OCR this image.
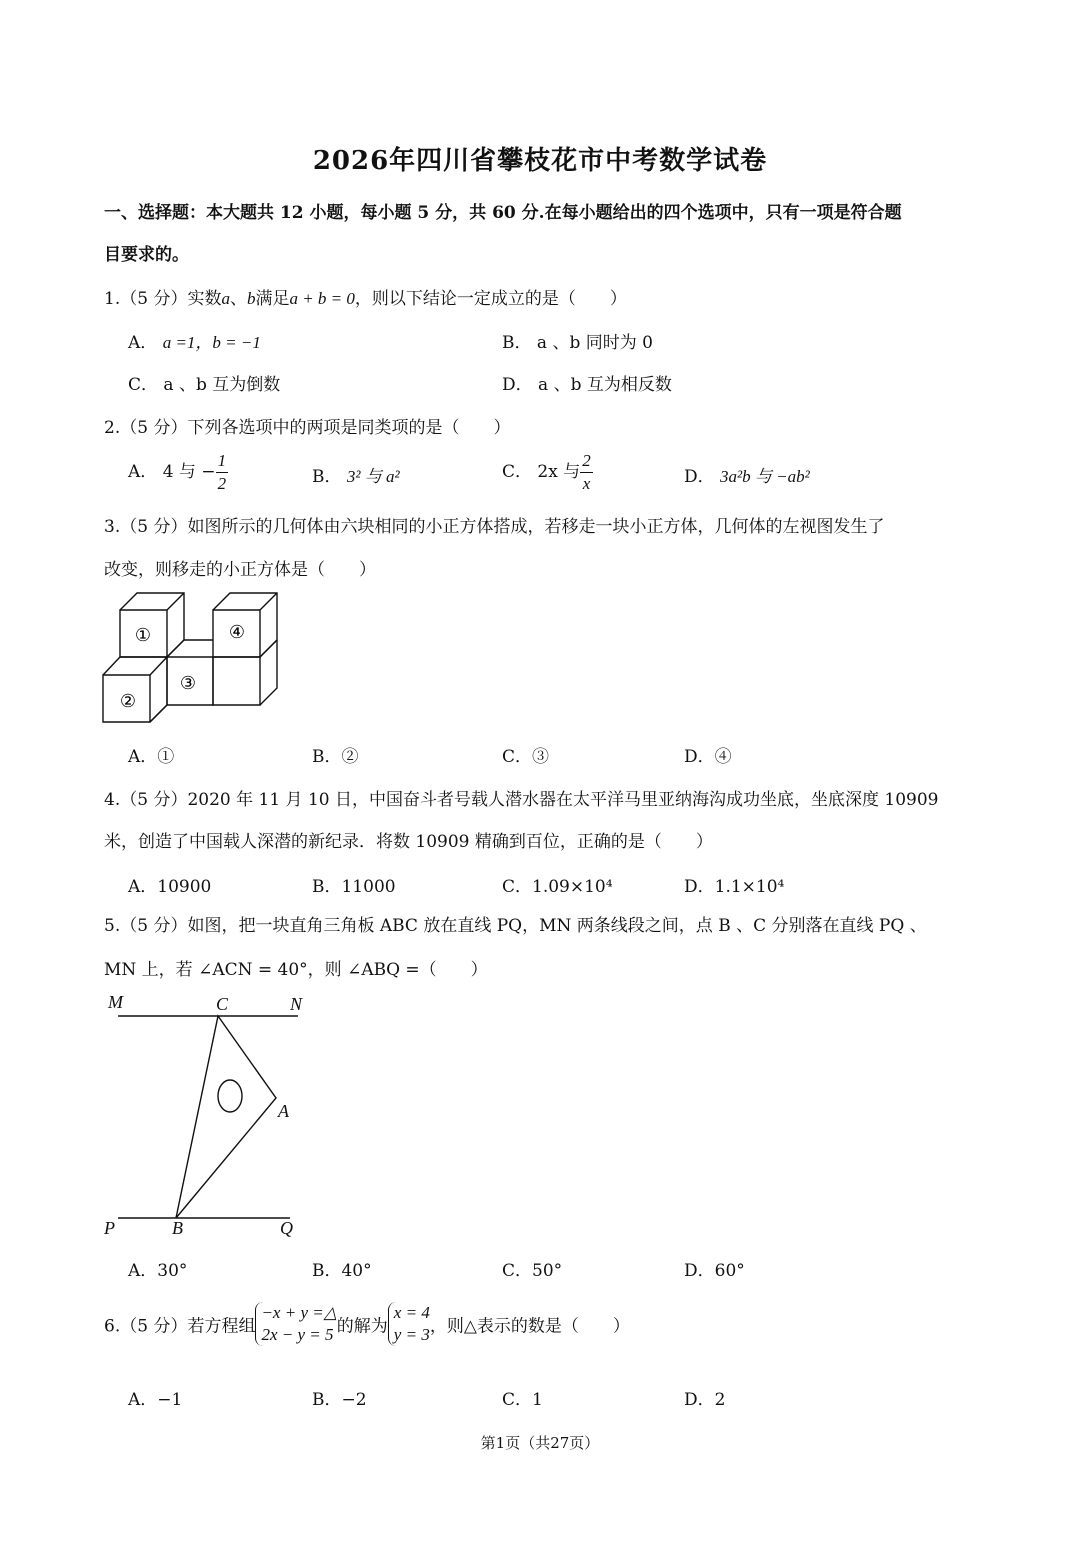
2026年四川省攀枝花市中考数学试卷
一、选择题：本大题共 12 小题，每小题 5 分，共 60 分.在每小题给出的四个选项中，只有一项是符合题
目要求的。
1.（5 分）实数a、b满足a + b = 0，则以下结论一定成立的是（　　）
A． a =1，b = −1	B． a 、b 同时为 0
C． a 、b 互为倒数	D． a 、b 互为相反数
2.（5 分）下列各选项中的两项是同类项的是（　　）
A． 4 与 − $\frac{1}{2}$	B． 3² 与 a²	C． 2x 与 $\frac{2}{x}$	D． 3a²b 与 −ab²
3.（5 分）如图所示的几何体由六块相同的小正方体搭成，若移走一块小正方体，几何体的左视图发生了
改变，则移走的小正方体是（　　）
①	④
②
③
A．①	B．②	C．③	D．④
4.（5 分）2020 年 11 月 10 日，中国奋斗者号载人潜水器在太平洋马里亚纳海沟成功坐底，坐底深度 10909
米，创造了中国载人深潜的新纪录．将数 10909 精确到百位，正确的是（　　）
A．10900	B．11000	C．1.09×10⁴	D．1.1×10⁴
5.（5 分）如图，把一块直角三角板 ABC 放在直线 PQ，MN 两条线段之间，点 B 、C 分别落在直线 PQ 、
MN 上，若 ∠ACN = 40°，则 ∠ABQ =（　　）
M	C	N
A
P	B	Q
A．30°	B．40°	C．50°	D．60°
6.（5 分）若方程组
−x + y =△
2x − y = 5 的解为
x = 4
y = 3 ，则△表示的数是（　　）
A．−1	B．−2	C．1	D．2
第1页（共27页）
